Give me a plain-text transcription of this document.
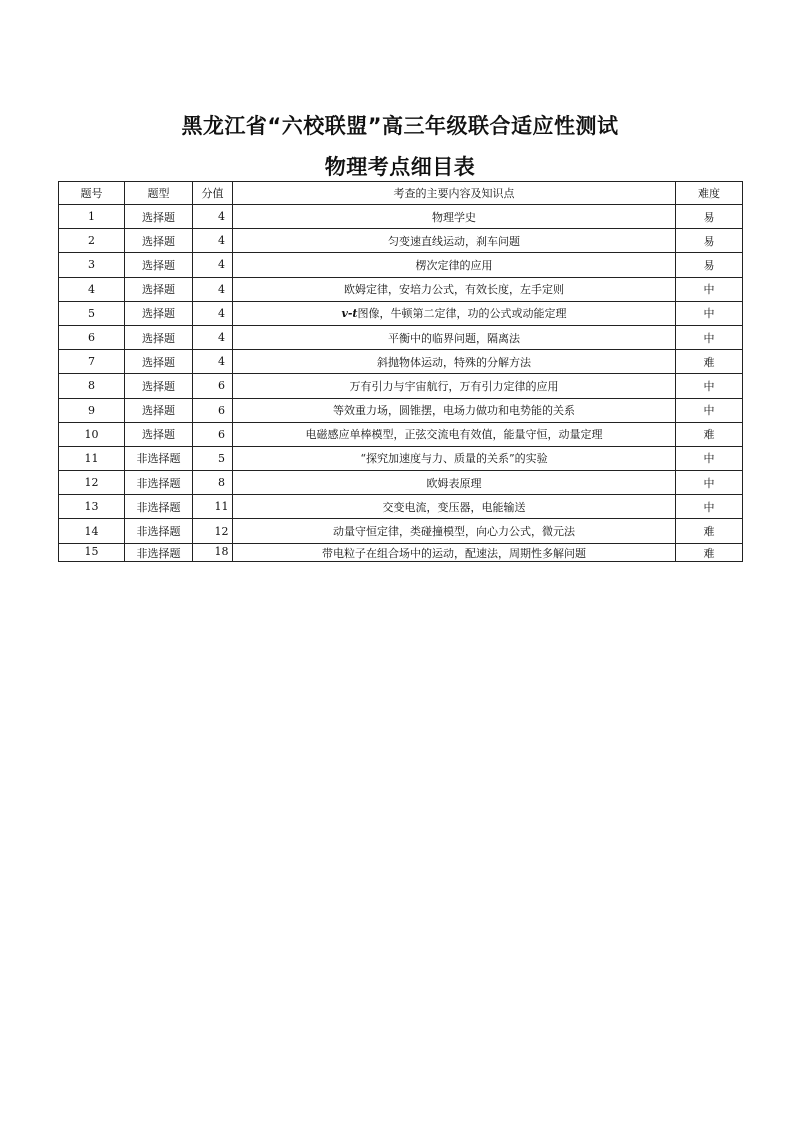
黑龙江省“六校联盟”高三年级联合适应性测试
物理考点细目表
题号	题型	分值	考查的主要内容及知识点	难度
1	选择题	4	物理学史	易
2	选择题	4	匀变速直线运动，刹车问题	易
3	选择题	4	楞次定律的应用	易
4	选择题	4	欧姆定律，安培力公式，有效长度，左手定则	中
5	选择题	4	v-t图像，牛顿第二定律，功的公式或动能定理	中
6	选择题	4	平衡中的临界问题，隔离法	中
7	选择题	4	斜抛物体运动，特殊的分解方法	难
8	选择题	6	万有引力与宇宙航行，万有引力定律的应用	中
9	选择题	6	等效重力场，圆锥摆，电场力做功和电势能的关系	中
10	选择题	6	电磁感应单棒模型，正弦交流电有效值，能量守恒，动量定理	难
11	非选择题	5	“探究加速度与力、质量的关系”的实验	中
12	非选择题	8	欧姆表原理	中
13	非选择题	11	交变电流，变压器，电能输送	中
14	非选择题	12	动量守恒定律，类碰撞模型，向心力公式，微元法	难
15	非选择题	18	带电粒子在组合场中的运动，配速法，周期性多解问题	难
